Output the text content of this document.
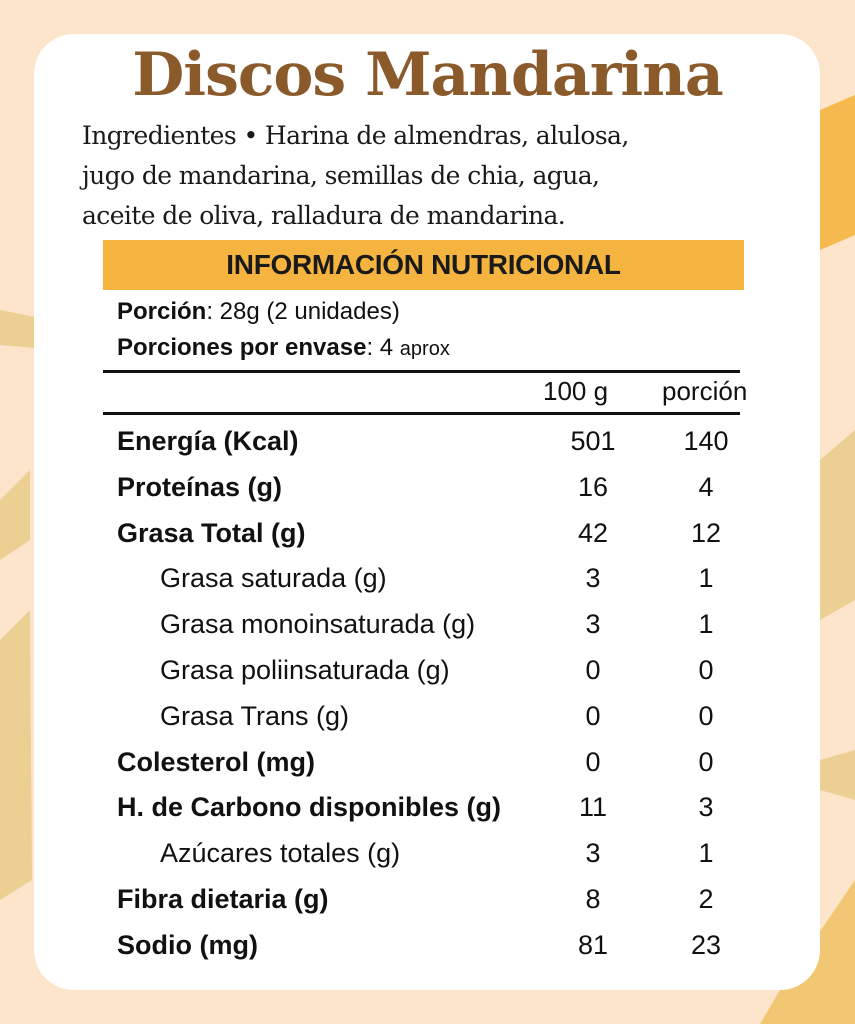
Discos Mandarina

Ingredientes • Harina de almendras, alulosa,
jugo de mandarina, semillas de chia, agua,
aceite de oliva, ralladura de mandarina.

INFORMACIÓN NUTRICIONAL
Porción: 28g (2 unidades)
Porciones por envase: 4 aprox
100 g porción
Energía (Kcal)	501	140
Proteínas (g)	16	4
Grasa Total (g)	42	12
Grasa saturada (g)	3	1
Grasa monoinsaturada (g)	3	1
Grasa poliinsaturada (g)	0	0
Grasa Trans (g)	0	0
Colesterol (mg)	0	0
H. de Carbono disponibles (g)	11	3
Azúcares totales (g)	3	1
Fibra dietaria (g)	8	2
Sodio (mg)	81	23
